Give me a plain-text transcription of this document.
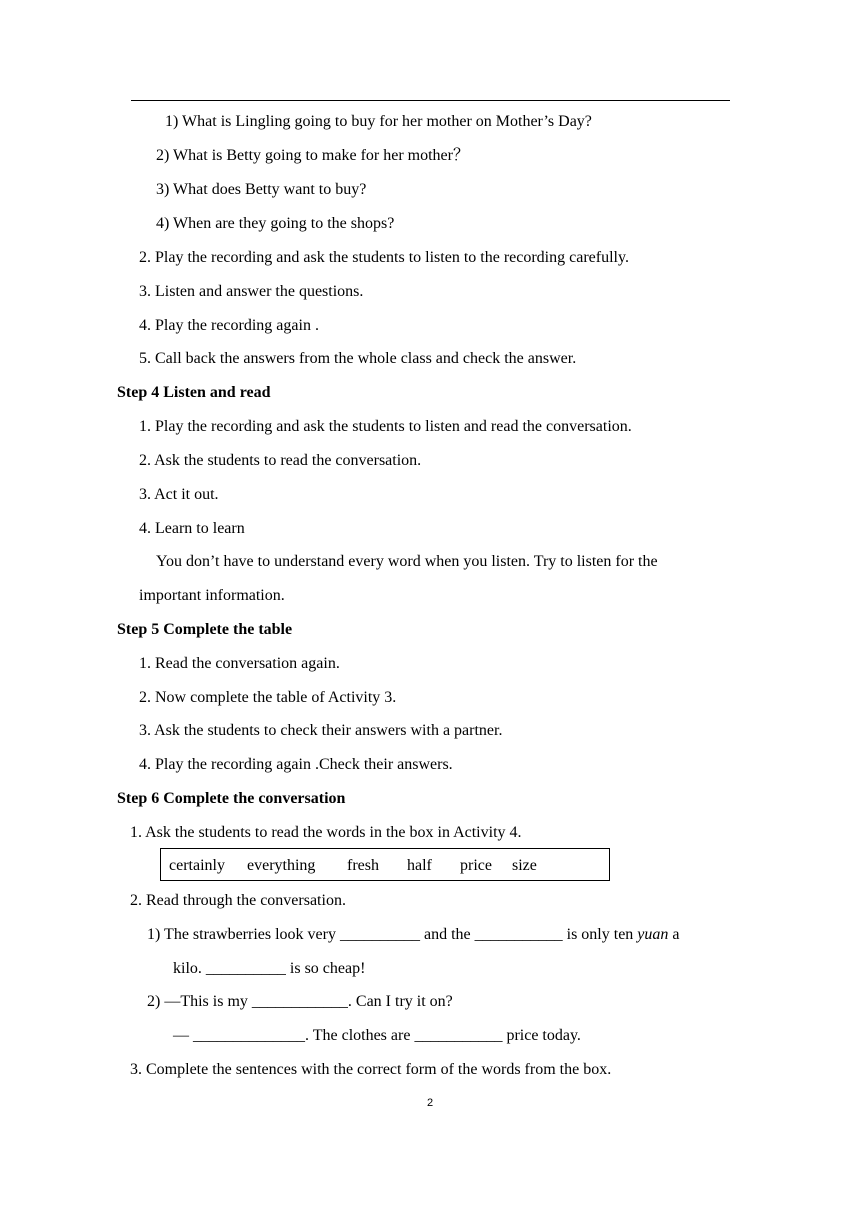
1) What is Lingling going to buy for her mother on Mother’s Day?
2) What is Betty going to make for her mother？
3) What does Betty want to buy?
4) When are they going to the shops?
2. Play the recording and ask the students to listen to the recording carefully.
3. Listen and answer the questions.
4. Play the recording again .
5. Call back the answers from the whole class and check the answer.
Step 4 Listen and read
1. Play the recording and ask the students to listen and read the conversation.
2. Ask the students to read the conversation.
3. Act it out.
4. Learn to learn
You don’t have to understand every word when you listen. Try to listen for the
important information.
Step 5 Complete the table
1. Read the conversation again.
2. Now complete the table of Activity 3.
3. Ask the students to check their answers with a partner.
4. Play the recording again .Check their answers.
Step 6 Complete the conversation
1. Ask the students to read the words in the box in Activity 4.
certainly everything fresh half price size
2. Read through the conversation.
1) The strawberries look very __________ and the ___________ is only ten yuan a
kilo. __________ is so cheap!
2) —This is my ____________. Can I try it on?
— ______________. The clothes are ___________ price today.
3. Complete the sentences with the correct form of the words from the box.
2
